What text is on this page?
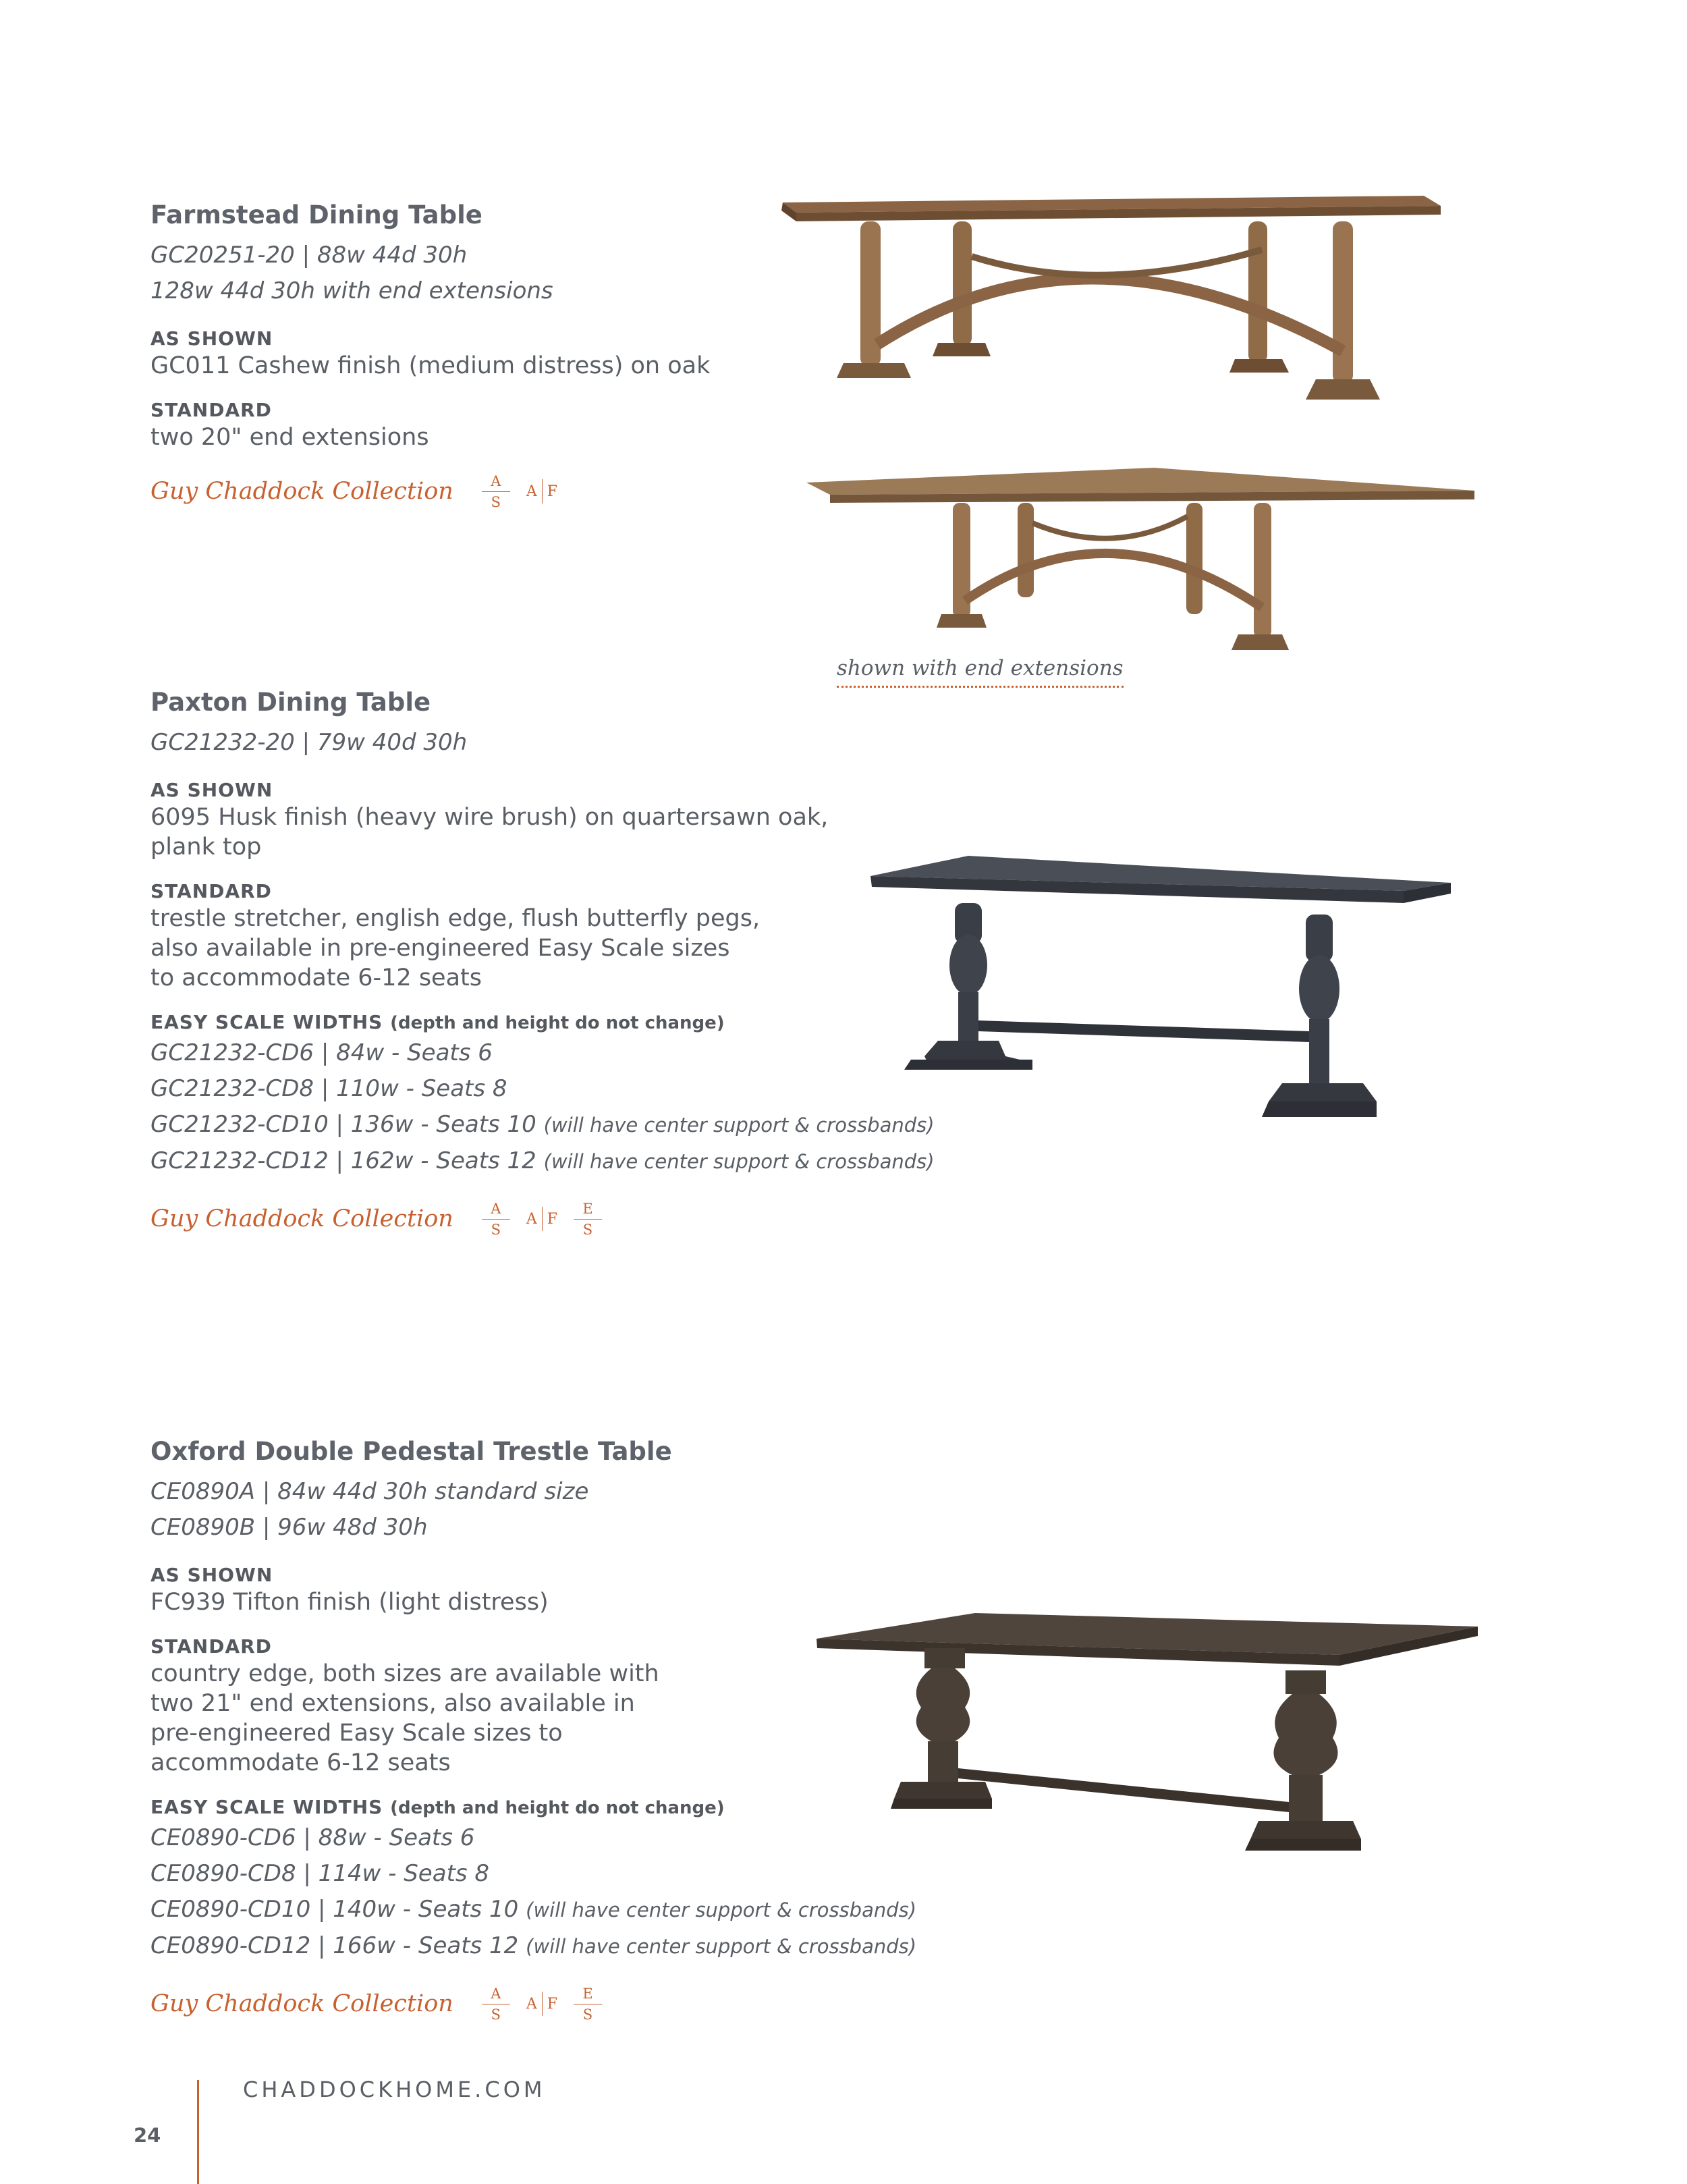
Farmstead Dining Table

GC20251-20 | 88w 44d 30h

128w 44d 30h with end extensions

AS SHOWN

GC011 Cashew finish (medium distress) on oak

STANDARD

two 20" end extensions

Guy Chaddock Collection $\frac{A}{S}$ A F
shown with end extensions
Paxton Dining Table

GC21232-20 | 79w 40d 30h

AS SHOWN

6095 Husk finish (heavy wire brush) on quartersawn oak,
plank top

STANDARD

trestle stretcher, english edge, flush butterfly pegs,
also available in pre-engineered Easy Scale sizes
to accommodate 6-12 seats

EASY SCALE WIDTHS (depth and height do not change)

GC21232-CD6 | 84w - Seats 6

GC21232-CD8 | 110w - Seats 8

GC21232-CD10 | 136w - Seats 10 (will have center support & crossbands)

GC21232-CD12 | 162w - Seats 12 (will have center support & crossbands)

Guy Chaddock Collection $\frac{A}{S}$ A F $\frac{E}{S}$
Oxford Double Pedestal Trestle Table

CE0890A | 84w 44d 30h standard size

CE0890B | 96w 48d 30h

AS SHOWN

FC939 Tifton finish (light distress)

STANDARD

country edge, both sizes are available with
two 21" end extensions, also available in
pre-engineered Easy Scale sizes to
accommodate 6-12 seats

EASY SCALE WIDTHS (depth and height do not change)

CE0890-CD6 | 88w - Seats 6

CE0890-CD8 | 114w - Seats 8

CE0890-CD10 | 140w - Seats 10 (will have center support & crossbands)

CE0890-CD12 | 166w - Seats 12 (will have center support & crossbands)

Guy Chaddock Collection $\frac{A}{S}$ A F $\frac{E}{S}$
CHADDOCKHOME.COM
24
